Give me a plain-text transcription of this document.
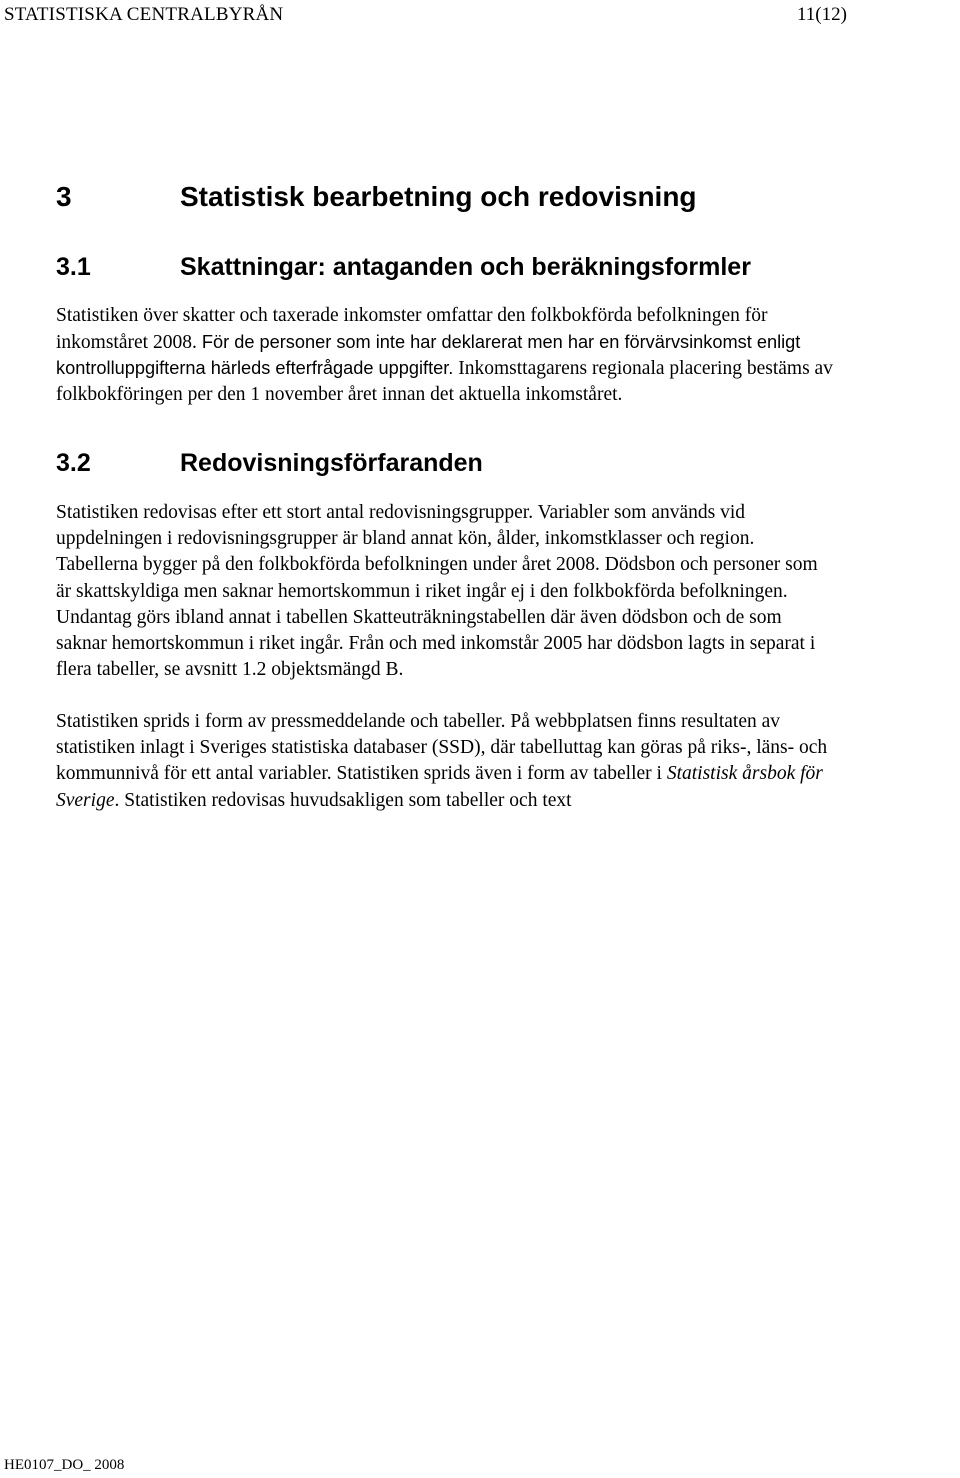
STATISTISKA CENTRALBYRÅN	11(12)
3	Statistisk bearbetning och redovisning
3.1	Skattningar: antaganden och beräkningsformler
Statistiken över skatter och taxerade inkomster omfattar den folkbokförda befolkningen för
inkomståret 2008. För de personer som inte har deklarerat men har en förvärvsinkomst enligt
kontrolluppgifterna härleds efterfrågade uppgifter. Inkomsttagarens regionala placering bestäms av
folkbokföringen per den 1 november året innan det aktuella inkomståret.
3.2	Redovisningsförfaranden
Statistiken redovisas efter ett stort antal redovisningsgrupper. Variabler som används vid
uppdelningen i redovisningsgrupper är bland annat kön, ålder, inkomstklasser och region.
Tabellerna bygger på den folkbokförda befolkningen under året 2008. Dödsbon och personer som
är skattskyldiga men saknar hemortskommun i riket ingår ej i den folkbokförda befolkningen.
Undantag görs ibland annat i tabellen Skatteuträkningstabellen där även dödsbon och de som
saknar hemortskommun i riket ingår. Från och med inkomstår 2005 har dödsbon lagts in separat i
flera tabeller, se avsnitt 1.2 objektsmängd B.
Statistiken sprids i form av pressmeddelande och tabeller. På webbplatsen finns resultaten av
statistiken inlagt i Sveriges statistiska databaser (SSD), där tabelluttag kan göras på riks-, läns- och
kommunnivå för ett antal variabler. Statistiken sprids även i form av tabeller i Statistisk årsbok för
Sverige. Statistiken redovisas huvudsakligen som tabeller och text
HE0107_DO_ 2008
